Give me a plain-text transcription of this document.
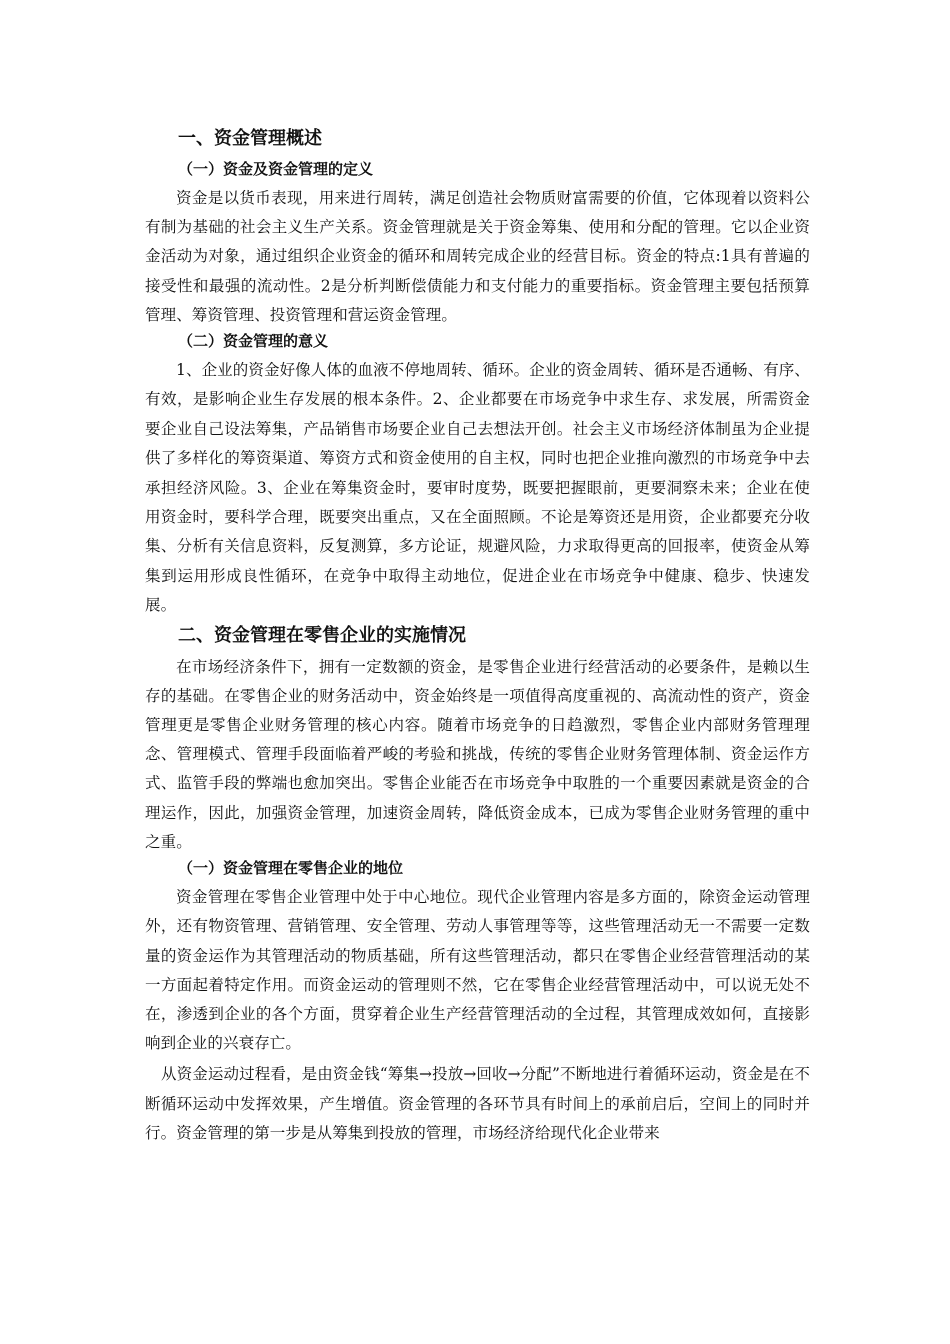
一、资金管理概述
（一）资金及资金管理的定义

资金是以货币表现，用来进行周转，满足创造社会物质财富需要的价值，它体现着以资料公有制为基础的社会主义生产关系。资金管理就是关于资金筹集、使用和分配的管理。它以企业资金活动为对象，通过组织企业资金的循环和周转完成企业的经营目标。资金的特点:1具有普遍的接受性和最强的流动性。2是分析判断偿债能力和支付能力的重要指标。资金管理主要包括预算管理、筹资管理、投资管理和营运资金管理。

（二）资金管理的意义

1、企业的资金好像人体的血液不停地周转、循环。企业的资金周转、循环是否通畅、有序、有效，是影响企业生存发展的根本条件。2、企业都要在市场竞争中求生存、求发展，所需资金要企业自己设法筹集，产品销售市场要企业自己去想法开创。社会主义市场经济体制虽为企业提供了多样化的筹资渠道、筹资方式和资金使用的自主权，同时也把企业推向激烈的市场竞争中去承担经济风险。3、企业在筹集资金时，要审时度势，既要把握眼前，更要洞察未来；企业在使用资金时，要科学合理，既要突出重点，又在全面照顾。不论是筹资还是用资，企业都要充分收集、分析有关信息资料，反复测算，多方论证，规避风险，力求取得更高的回报率，使资金从筹集到运用形成良性循环，在竞争中取得主动地位，促进企业在市场竞争中健康、稳步、快速发展。

二、资金管理在零售企业的实施情况

在市场经济条件下，拥有一定数额的资金，是零售企业进行经营活动的必要条件，是赖以生存的基础。在零售企业的财务活动中，资金始终是一项值得高度重视的、高流动性的资产，资金管理更是零售企业财务管理的核心内容。随着市场竞争的日趋激烈，零售企业内部财务管理理念、管理模式、管理手段面临着严峻的考验和挑战，传统的零售企业财务管理体制、资金运作方式、监管手段的弊端也愈加突出。零售企业能否在市场竞争中取胜的一个重要因素就是资金的合理运作，因此，加强资金管理，加速资金周转，降低资金成本，已成为零售企业财务管理的重中之重。

（一）资金管理在零售企业的地位

资金管理在零售企业管理中处于中心地位。现代企业管理内容是多方面的，除资金运动管理外，还有物资管理、营销管理、安全管理、劳动人事管理等等，这些管理活动无一不需要一定数量的资金运作为其管理活动的物质基础，所有这些管理活动，都只在零售企业经营管理活动的某一方面起着特定作用。而资金运动的管理则不然，它在零售企业经营管理活动中，可以说无处不在，渗透到企业的各个方面，贯穿着企业生产经营管理活动的全过程，其管理成效如何，直接影响到企业的兴衰存亡。

从资金运动过程看，是由资金钱“筹集→投放→回收→分配”不断地进行着循环运动，资金是在不断循环运动中发挥效果，产生增值。资金管理的各环节具有时间上的承前启后，空间上的同时并行。资金管理的第一步是从筹集到投放的管理，市场经济给现代化企业带来
